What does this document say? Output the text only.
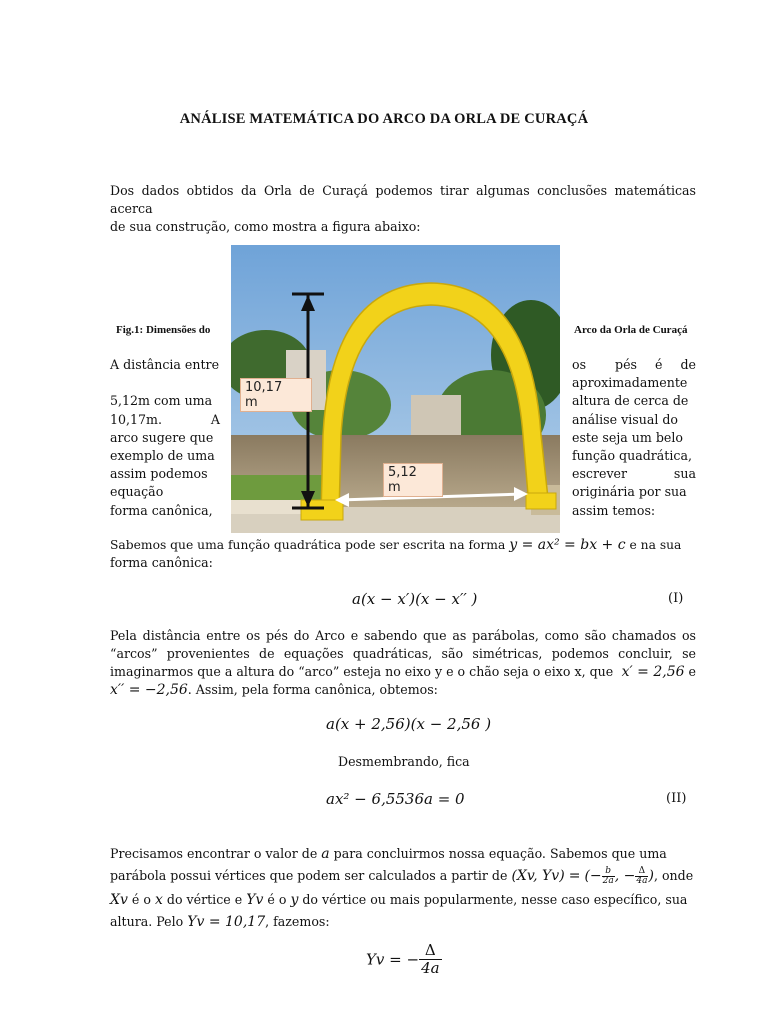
ANÁLISE MATEMÁTICA DO ARCO DA ORLA DE CURAÇÁ
Dos dados obtidos da Orla de Curaçá podemos tirar algumas conclusões matemáticas acerca
de sua construção, como mostra a figura abaixo:
10,17
m
5,12
m
Fig.1: Dimensões do	Arco da Orla de Curaçá
A distância entre
5,12m com uma
10,17m.	A
arco sugere que
exemplo de uma
assim podemos
equação
forma canônica,
os pés é de
aproximadamente
altura de cerca de
análise visual do
este seja um belo
função quadrática,
escrever	sua
originária por sua
assim temos:
Sabemos que uma função quadrática pode ser escrita na forma y = ax² = bx + c e na sua
forma canônica:
a(x − x′)(x − x′′ )	(I)
Pela distância entre os pés do Arco e sabendo que as parábolas, como são chamados os
“arcos” provenientes de equações quadráticas, são simétricas, podemos concluir, se
imaginarmos que a altura do “arco” esteja no eixo y e o chão seja o eixo x, que x′ = 2,56 e
x′′ = −2,56. Assim, pela forma canônica, obtemos:
a(x + 2,56)(x − 2,56 )
Desmembrando, fica
ax² − 6,5536a = 0	(II)
Precisamos encontrar o valor de a para concluirmos nossa equação. Sabemos que uma
parábola possui vértices que podem ser calculados a partir de (Xv, Yv) = (− $\frac{b}{2a}$ , − $\frac{\Delta}{4a}$ ), onde
Xv é o x do vértice e Yv é o y do vértice ou mais popularmente, nesse caso específico, sua
altura. Pelo Yv = 10,17, fazemos:
Yv = − $\frac{\Delta}{4a}$
